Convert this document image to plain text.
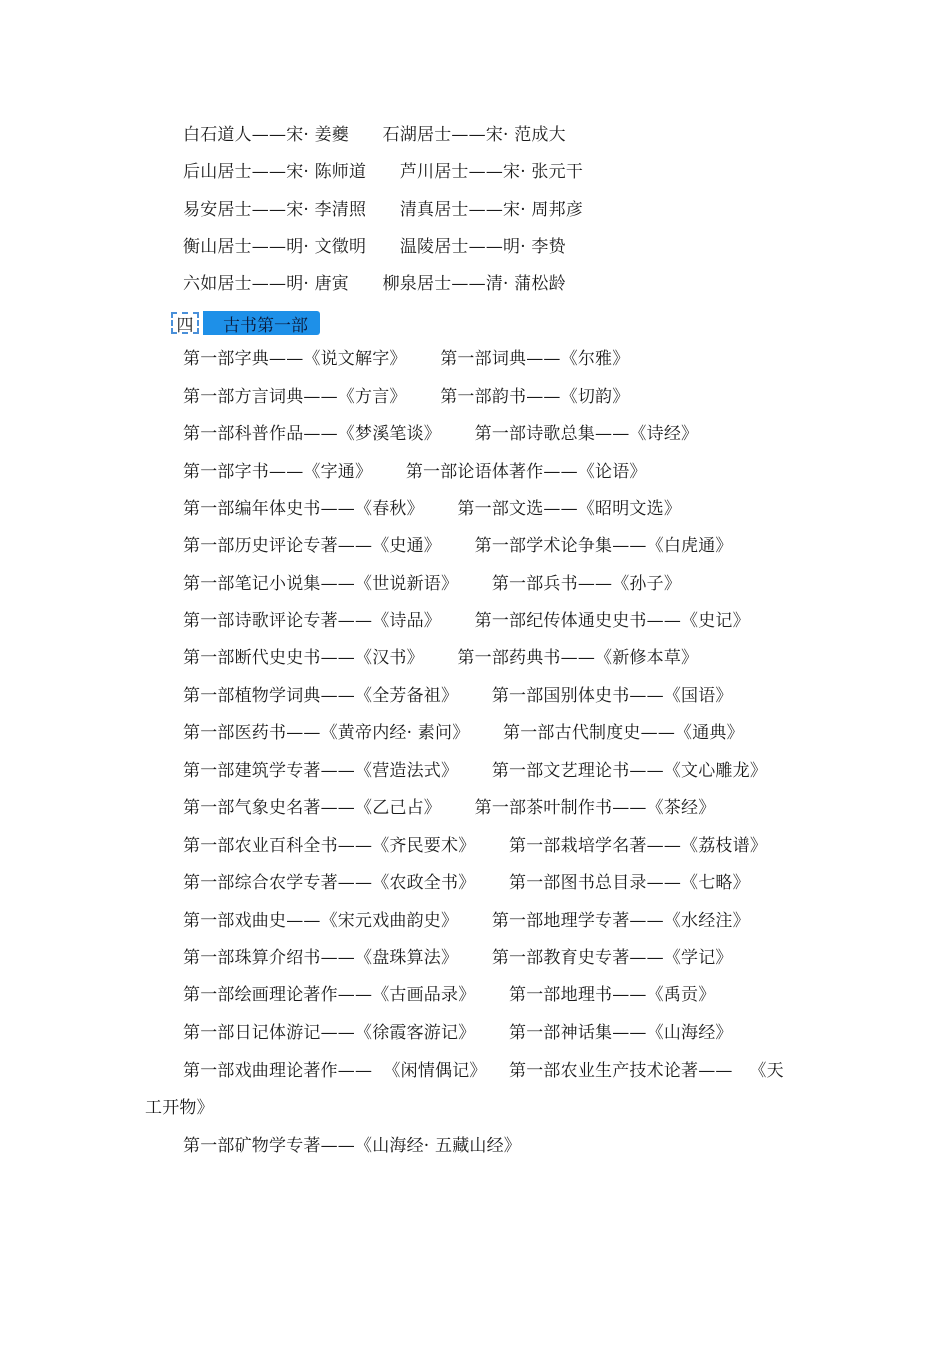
白石道人——宋· 姜夔      石湖居士——宋· 范成大
后山居士——宋· 陈师道      芦川居士——宋· 张元干
易安居士——宋· 李清照      清真居士——宋· 周邦彦
衡山居士——明· 文徵明      温陵居士——明· 李贽
六如居士——明· 唐寅      柳泉居士——清· 蒲松龄
四	古书第一部
第一部字典——《说文解字》      第一部词典——《尔雅》
第一部方言词典——《方言》      第一部韵书——《切韵》
第一部科普作品——《梦溪笔谈》      第一部诗歌总集——《诗经》
第一部字书——《字通》      第一部论语体著作——《论语》
第一部编年体史书——《春秋》      第一部文选——《昭明文选》
第一部历史评论专著——《史通》      第一部学术论争集——《白虎通》
第一部笔记小说集——《世说新语》      第一部兵书——《孙子》
第一部诗歌评论专著——《诗品》      第一部纪传体通史史书——《史记》
第一部断代史史书——《汉书》      第一部药典书——《新修本草》
第一部植物学词典——《全芳备祖》      第一部国别体史书——《国语》
第一部医药书——《黄帝内经· 素问》      第一部古代制度史——《通典》
第一部建筑学专著——《营造法式》      第一部文艺理论书——《文心雕龙》
第一部气象史名著——《乙己占》      第一部茶叶制作书——《茶经》
第一部农业百科全书——《齐民要术》      第一部栽培学名著——《荔枝谱》
第一部综合农学专著——《农政全书》      第一部图书总目录——《七略》
第一部戏曲史——《宋元戏曲韵史》      第一部地理学专著——《水经注》
第一部珠算介绍书——《盘珠算法》      第一部教育史专著——《学记》
第一部绘画理论著作——《古画品录》      第一部地理书——《禹贡》
第一部日记体游记——《徐霞客游记》      第一部神话集——《山海经》
第一部戏曲理论著作——  《闲情偶记》    第一部农业生产技术论著——   《天
工开物》
第一部矿物学专著——《山海经· 五藏山经》
